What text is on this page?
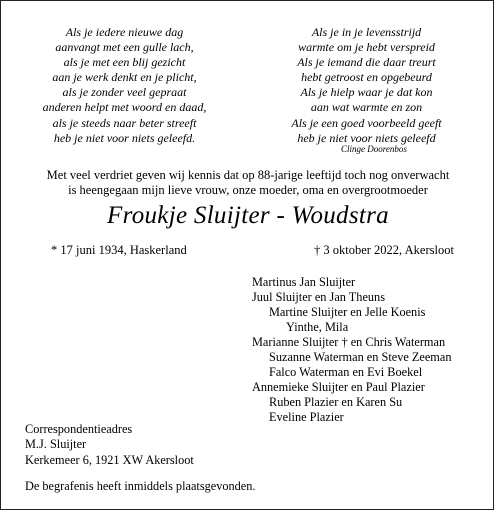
Als je iedere nieuwe dag
aanvangt met een gulle lach,
als je met een blij gezicht
aan je werk denkt en je plicht,
als je zonder veel gepraat
anderen helpt met woord en daad,
als je steeds naar beter streeft
heb je niet voor niets geleefd.
Als je in je levensstrijd
warmte om je hebt verspreid
Als je iemand die daar treurt
hebt getroost en opgebeurd
Als je hielp waar je dat kon
aan wat warmte en zon
Als je een goed voorbeeld geeft
heb je niet voor niets geleefd
Clinge Doorenbos
Met veel verdriet geven wij kennis dat op 88-jarige leeftijd toch nog onverwacht
is heengegaan mijn lieve vrouw, onze moeder, oma en overgrootmoeder
Froukje Sluijter - Woudstra
* 17 juni 1934, Haskerland	† 3 oktober 2022, Akersloot
Martinus Jan Sluijter
Juul Sluijter en Jan Theuns
Martine Sluijter en Jelle Koenis
Yinthe, Mila
Marianne Sluijter † en Chris Waterman
Suzanne Waterman en Steve Zeeman
Falco Waterman en Evi Boekel
Annemieke Sluijter en Paul Plazier
Ruben Plazier en Karen Su
Eveline Plazier
Correspondentieadres
M.J. Sluijter
Kerkemeer 6, 1921 XW Akersloot
De begrafenis heeft inmiddels plaatsgevonden.
